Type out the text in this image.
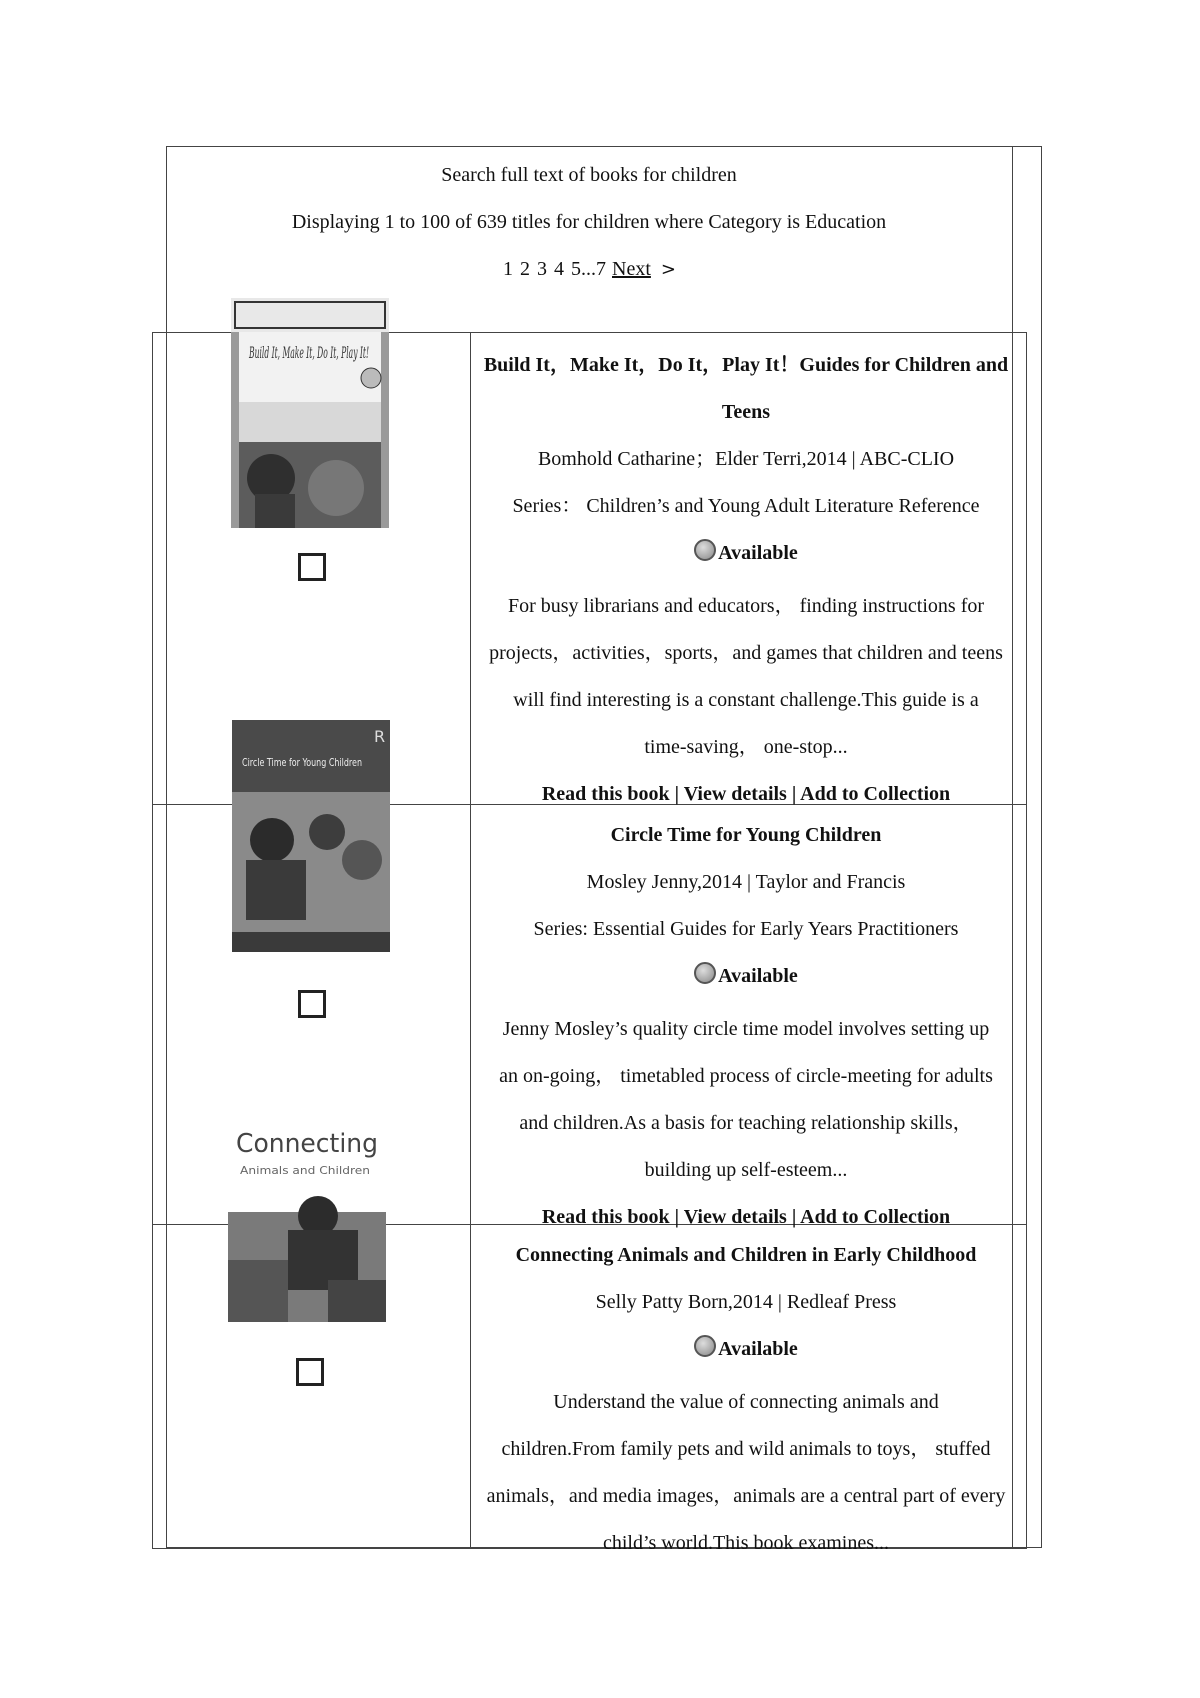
Search full text of books for children
Displaying 1 to 100 of 639 titles for children where Category is Education
1 2 3 4 5...7 Next >
Build It, Make It, Do It, Play It!
Build It，Make It，Do It，Play It！Guides for Children and
Teens
Bomhold Catharine；Elder Terri,2014 | ABC-CLIO
Series： Children’s and Young Adult Literature Reference
Available
For busy librarians and educators， finding instructions for
projects，activities，sports，and games that children and teens
will find interesting is a constant challenge.This guide is a
time-saving， one-stop...
Read this book | View details | Add to Collection
R
Circle Time for Young Children
Circle Time for Young Children
Mosley Jenny,2014 | Taylor and Francis
Series: Essential Guides for Early Years Practitioners
Available
Jenny Mosley’s quality circle time model involves setting up
an on-going， timetabled process of circle-meeting for adults
and children.As a basis for teaching relationship skills，
building up self-esteem...
Read this book | View details | Add to Collection
Connecting
Animals and Children
Connecting Animals and Children in Early Childhood
Selly Patty Born,2014 | Redleaf Press
Available
Understand the value of connecting animals and
children.From family pets and wild animals to toys， stuffed
animals，and media images，animals are a central part of every
child’s world.This book examines...
